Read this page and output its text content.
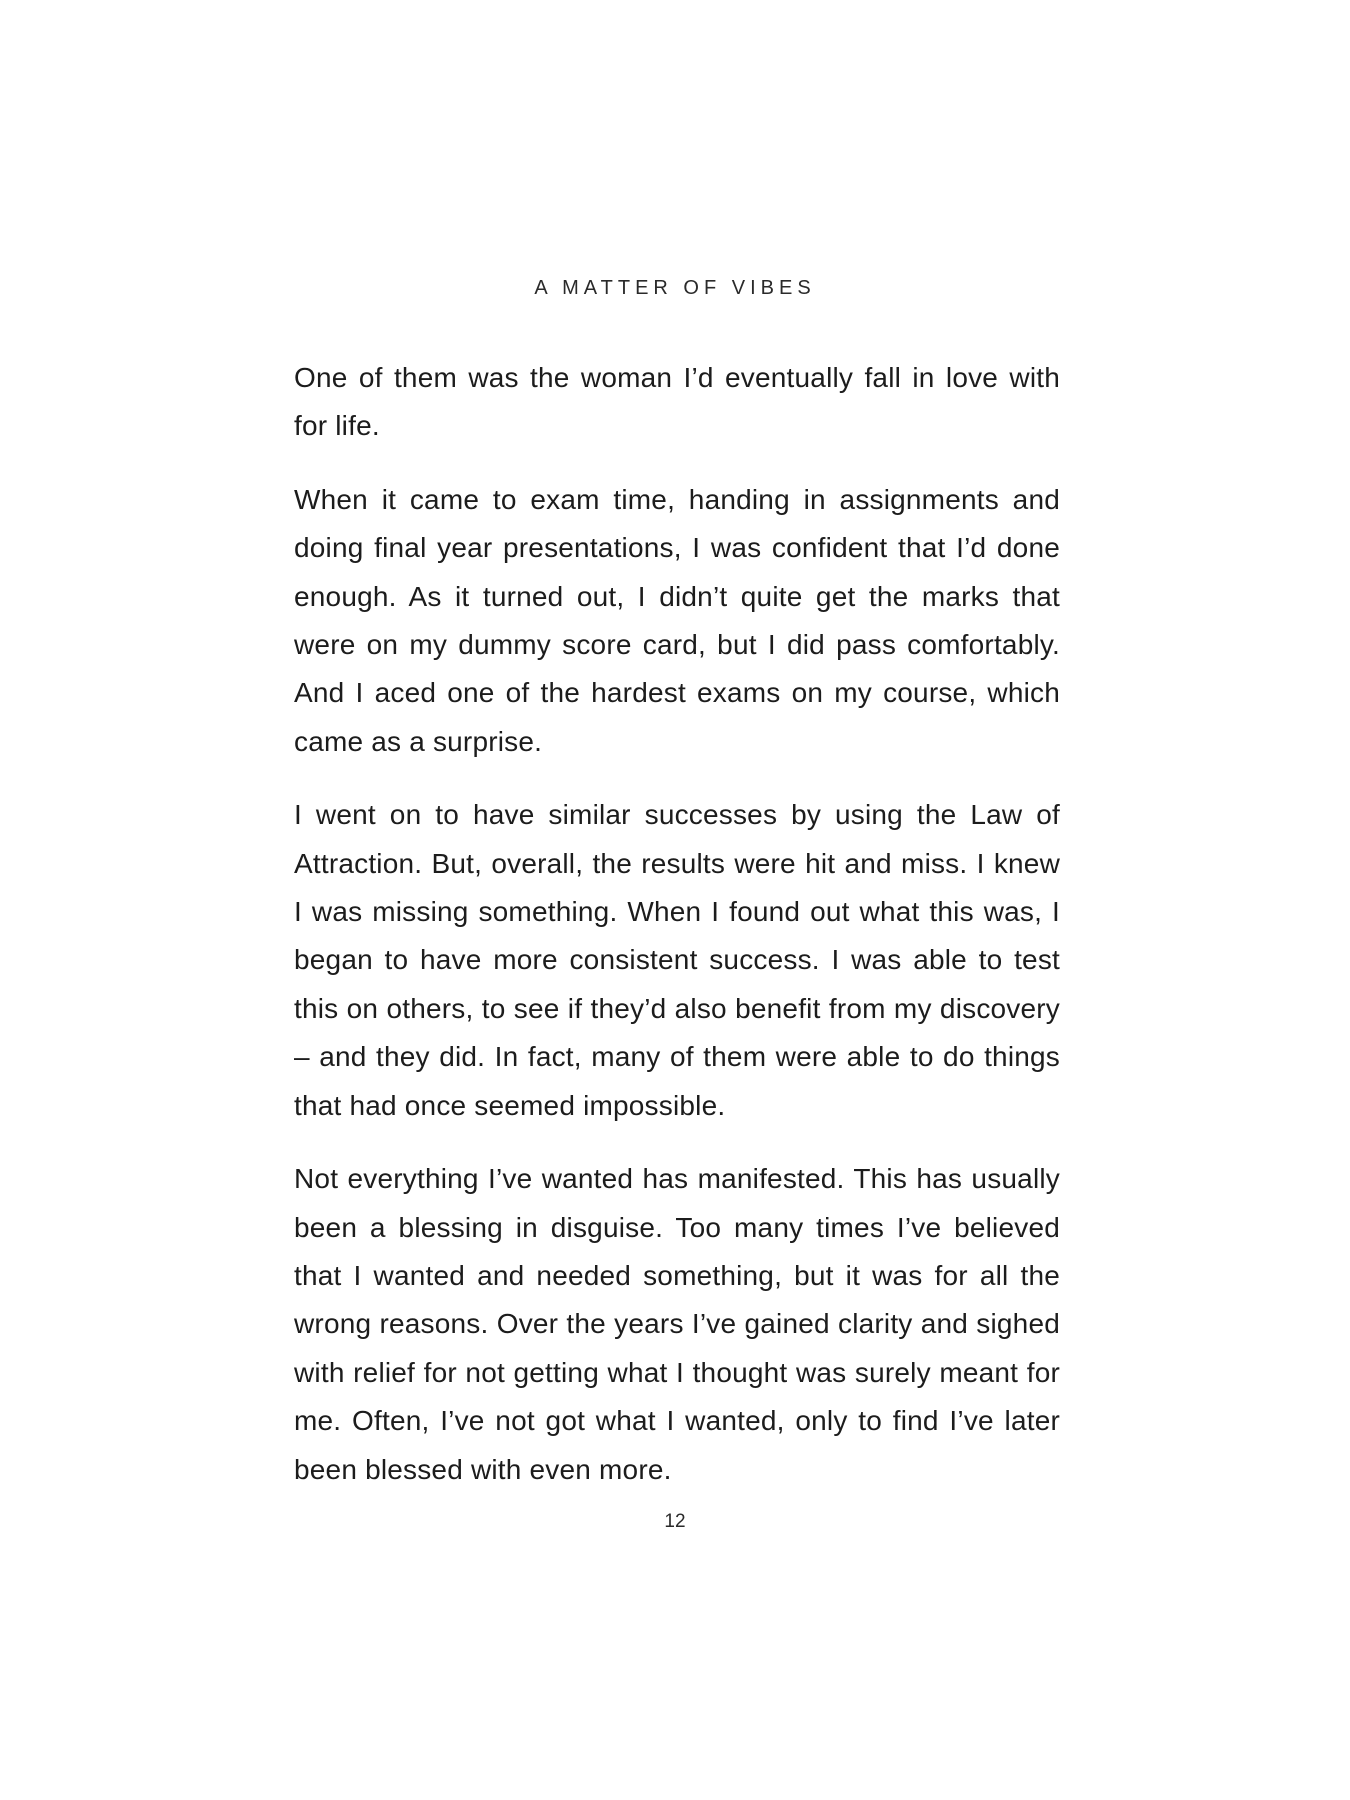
A MATTER OF VIBES

One of them was the woman I’d eventually fall in love with for life.

When it came to exam time, handing in assignments and doing final year presentations, I was confident that I’d done enough. As it turned out, I didn’t quite get the marks that were on my dummy score card, but I did pass comfortably. And I aced one of the hardest exams on my course, which came as a surprise.

I went on to have similar successes by using the Law of Attraction. But, overall, the results were hit and miss. I knew I was missing something. When I found out what this was, I began to have more consistent success. I was able to test this on others, to see if they’d also benefit from my discovery – and they did. In fact, many of them were able to do things that had once seemed impossible.

Not everything I’ve wanted has manifested. This has usually been a blessing in disguise. Too many times I’ve believed that I wanted and needed something, but it was for all the wrong reasons. Over the years I’ve gained clarity and sighed with relief for not getting what I thought was surely meant for me. Often, I’ve not got what I wanted, only to find I’ve later been blessed with even more.

12
